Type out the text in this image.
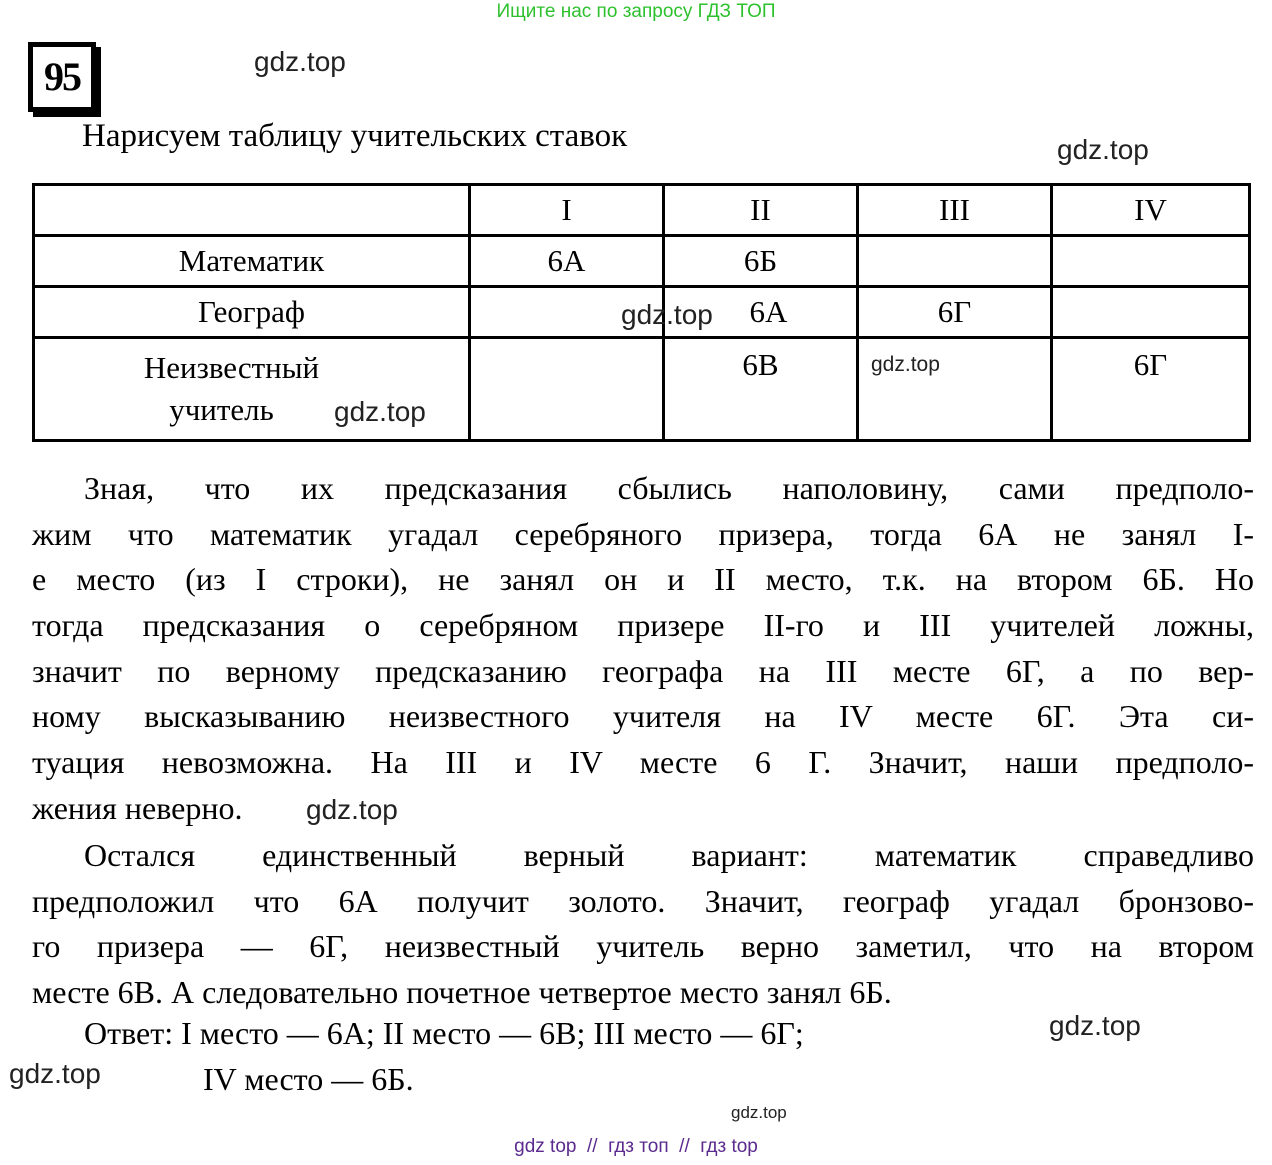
Ищите нас по запросу ГДЗ ТОП
95	gdz.top
Нарисуем таблицу учительских ставок	gdz.top
	I	II	III	IV
Математик	6А	6Б		
Географ		6А	6Г	

Неизвестный
учитель		6В		6Г
gdz.top
gdz.top
gdz.top
Зная, что их предсказания сбылись наполовину, сами предполо-
жим что математик угадал серебряного призера, тогда 6А не занял I-
е место (из I строки), не занял он и II место, т.к. на втором 6Б. Но
тогда предсказания о серебряном призере II-го и III учителей ложны,
значит по верному предсказанию географа на III месте 6Г, а по вер-
ному высказыванию неизвестного учителя на IV месте 6Г. Эта си-
туация невозможна. На III и IV месте 6 Г. Значит, наши предполо-
жения неверно.	gdz.top
Остался единственный верный вариант: математик справедливо
предположил что 6А получит золото. Значит, географ угадал бронзово-
го призера — 6Г, неизвестный учитель верно заметил, что на втором
месте 6В. А следовательно почетное четвертое место занял 6Б.
Ответ: I место — 6А; II место — 6В; III место — 6Г;
IV место — 6Б.
gdz.top
gdz.top
gdz.top
gdz top  //  гдз топ  //  гдз top
